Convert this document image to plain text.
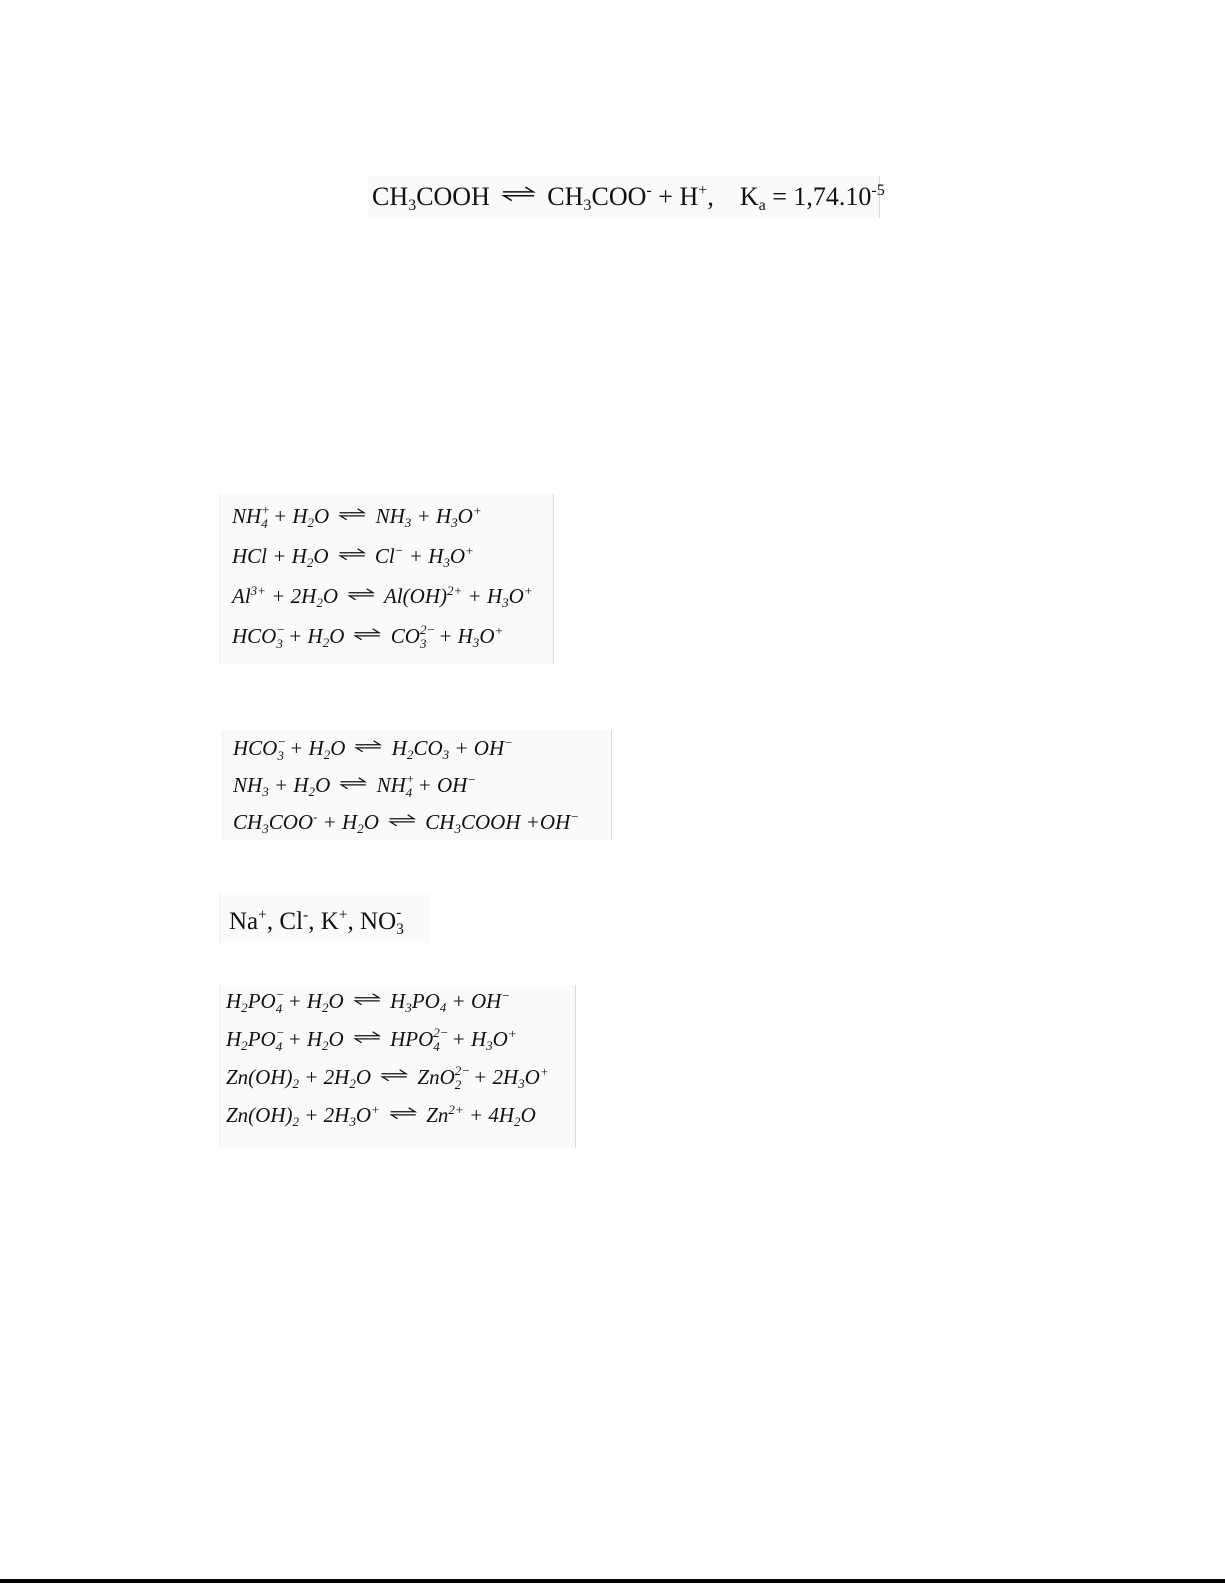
$CH_3COOH$ ⇌ $CH_3COO^- + H^+$,    $K_a = 1,74.10^{-5}$
NH +
$4 + H_2O$ ⇌ $NH_3 + H_3O^+$
HCl + $H_2O$ ⇌ $Cl^- + H_3O^+$
$Al^{3+} + 2H_2O$ ⇌ $Al(OH)^{2+} + H_3O^+$
HCO −
$3 + H_2O$ ⇌ CO 2−
$3 + H_3O^+$
HCO −
$3 + H_2O$ ⇌ $H_2CO_3 + OH^-$
$NH_3 + H_2O$ ⇌ NH +
4 + OH−
$CH_3COO^- + H_2O$ ⇌ $CH_3COOH +OH^-$
Na+, Cl-, K+, NO -
3
$H_2PO$ −
$4 + H_2O$ ⇌ $H_3PO_4 + OH^-$
$H_2PO$ −
$4 + H_2O$ ⇌ HPO 2−
$4 + H_3O^+$
$Zn(OH)_2 + 2H_2O$ ⇌ ZnO 2−
$2 + 2H_3O^+$
$Zn(OH)_2 + 2H_3O^+$ ⇌ $Zn^{2+} + 4H_2O$
